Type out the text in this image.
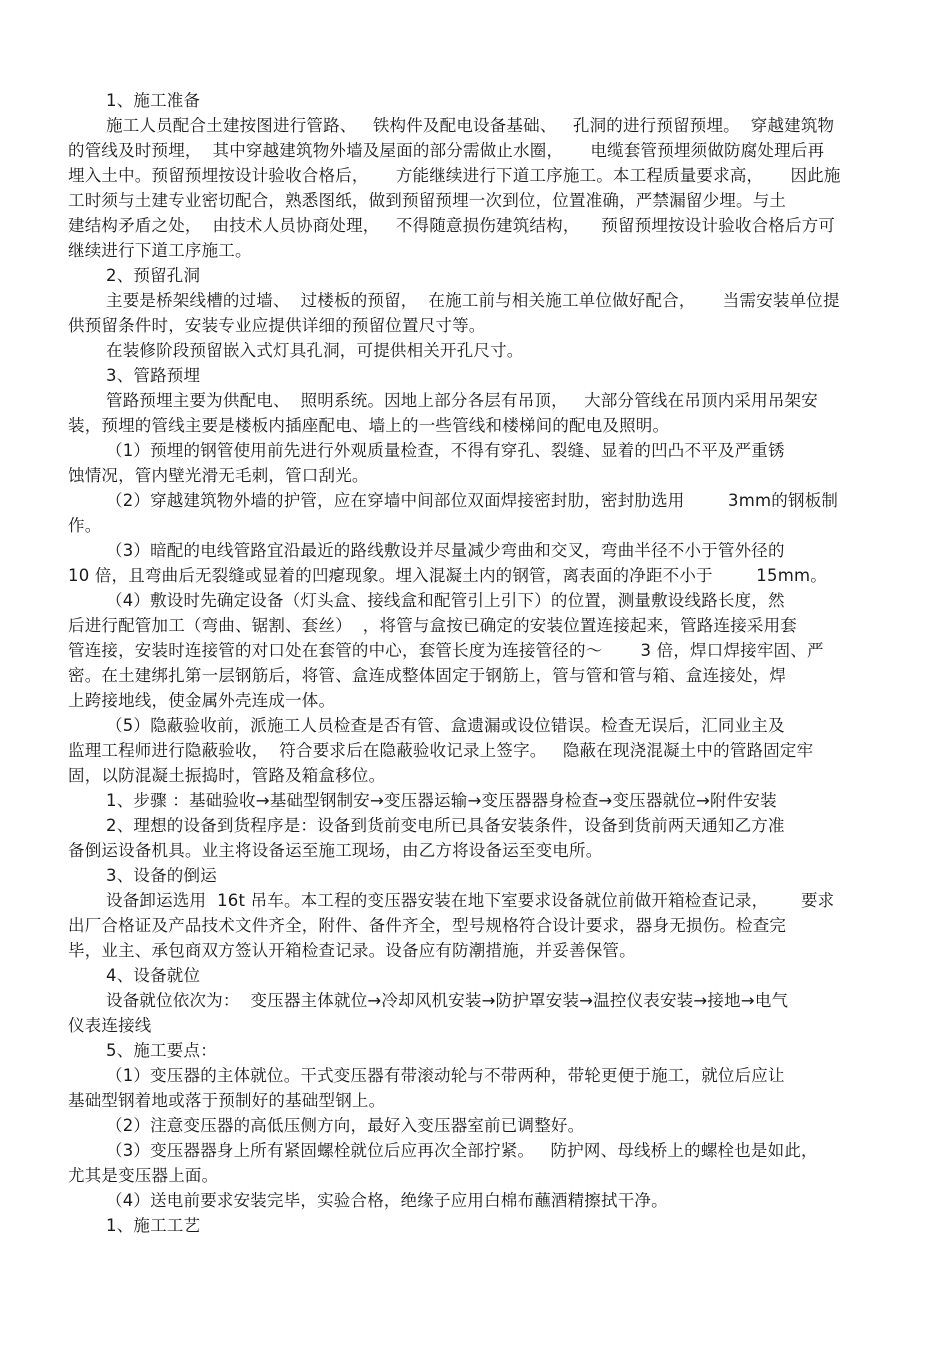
1、施工准备
施工人员配合土建按图进行管路、   铁构件及配电设备基础、   孔洞的进行预留预埋。  穿越建筑物
的管线及时预埋，  其中穿越建筑物外墙及屋面的部分需做止水圈，     电缆套管预埋须做防腐处理后再
埋入土中。预留预埋按设计验收合格后，     方能继续进行下道工序施工。本工程质量要求高，     因此施
工时须与土建专业密切配合，熟悉图纸，做到预留预埋一次到位，位置准确，严禁漏留少埋。与土
建结构矛盾之处，  由技术人员协商处理，   不得随意损伤建筑结构，    预留预埋按设计验收合格后方可
继续进行下道工序施工。
2、预留孔洞
主要是桥架线槽的过墙、  过楼板的预留，  在施工前与相关施工单位做好配合，     当需安装单位提
供预留条件时，安装专业应提供详细的预留位置尺寸等。
在装修阶段预留嵌入式灯具孔洞，可提供相关开孔尺寸。
3、管路预埋
管路预埋主要为供配电、  照明系统。因地上部分各层有吊顶，   大部分管线在吊顶内采用吊架安
装，预埋的管线主要是楼板内插座配电、墙上的一些管线和楼梯间的配电及照明。
（1）预埋的钢管使用前先进行外观质量检查，不得有穿孔、裂缝、显着的凹凸不平及严重锈
蚀情况，管内壁光滑无毛刺，管口刮光。
（2）穿越建筑物外墙的护管，应在穿墙中间部位双面焊接密封肋，密封肋选用        3mm的钢板制
作。
（3）暗配的电线管路宜沿最近的路线敷设并尽量减少弯曲和交叉，弯曲半径不小于管外径的
10 倍，且弯曲后无裂缝或显着的凹瘪现象。埋入混凝土内的钢管，离表面的净距不小于        15mm。
（4）敷设时先确定设备（灯头盒、接线盒和配管引上引下）的位置，测量敷设线路长度，然
后进行配管加工（弯曲、锯割、套丝）  ，将管与盒按已确定的安装位置连接起来，管路连接采用套
管连接，安装时连接管的对口处在套管的中心，套管长度为连接管径的～       3 倍，焊口焊接牢固、严
密。在土建绑扎第一层钢筋后，将管、盒连成整体固定于钢筋上，管与管和管与箱、盒连接处，焊
上跨接地线，使金属外壳连成一体。
（5）隐蔽验收前，派施工人员检查是否有管、盒遗漏或设位错误。检查无误后，汇同业主及
监理工程师进行隐蔽验收，  符合要求后在隐蔽验收记录上签字。   隐蔽在现浇混凝土中的管路固定牢
固，以防混凝土振捣时，管路及箱盒移位。
1、步骤 ：基础验收→基础型钢制安→变压器运输→变压器器身检查→变压器就位→附件安装
2、理想的设备到货程序是：设备到货前变电所已具备安装条件，设备到货前两天通知乙方准
备倒运设备机具。业主将设备运至施工现场，由乙方将设备运至变电所。
3、设备的倒运
设备卸运选用  16t 吊车。本工程的变压器安装在地下室要求设备就位前做开箱检查记录，      要求
出厂合格证及产品技术文件齐全，附件、备件齐全，型号规格符合设计要求，器身无损伤。检查完
毕，业主、承包商双方签认开箱检查记录。设备应有防潮措施，并妥善保管。
4、设备就位
设备就位依次为：  变压器主体就位→冷却风机安装→防护罩安装→温控仪表安装→接地→电气
仪表连接线
5、施工要点：
（1）变压器的主体就位。干式变压器有带滚动轮与不带两种，带轮更便于施工，就位后应让
基础型钢着地或落于预制好的基础型钢上。
（2）注意变压器的高低压侧方向，最好入变压器室前已调整好。
（3）变压器器身上所有紧固螺栓就位后应再次全部拧紧。   防护网、母线桥上的螺栓也是如此，
尤其是变压器上面。
（4）送电前要求安装完毕，实验合格，绝缘子应用白棉布蘸酒精擦拭干净。
1、施工工艺
